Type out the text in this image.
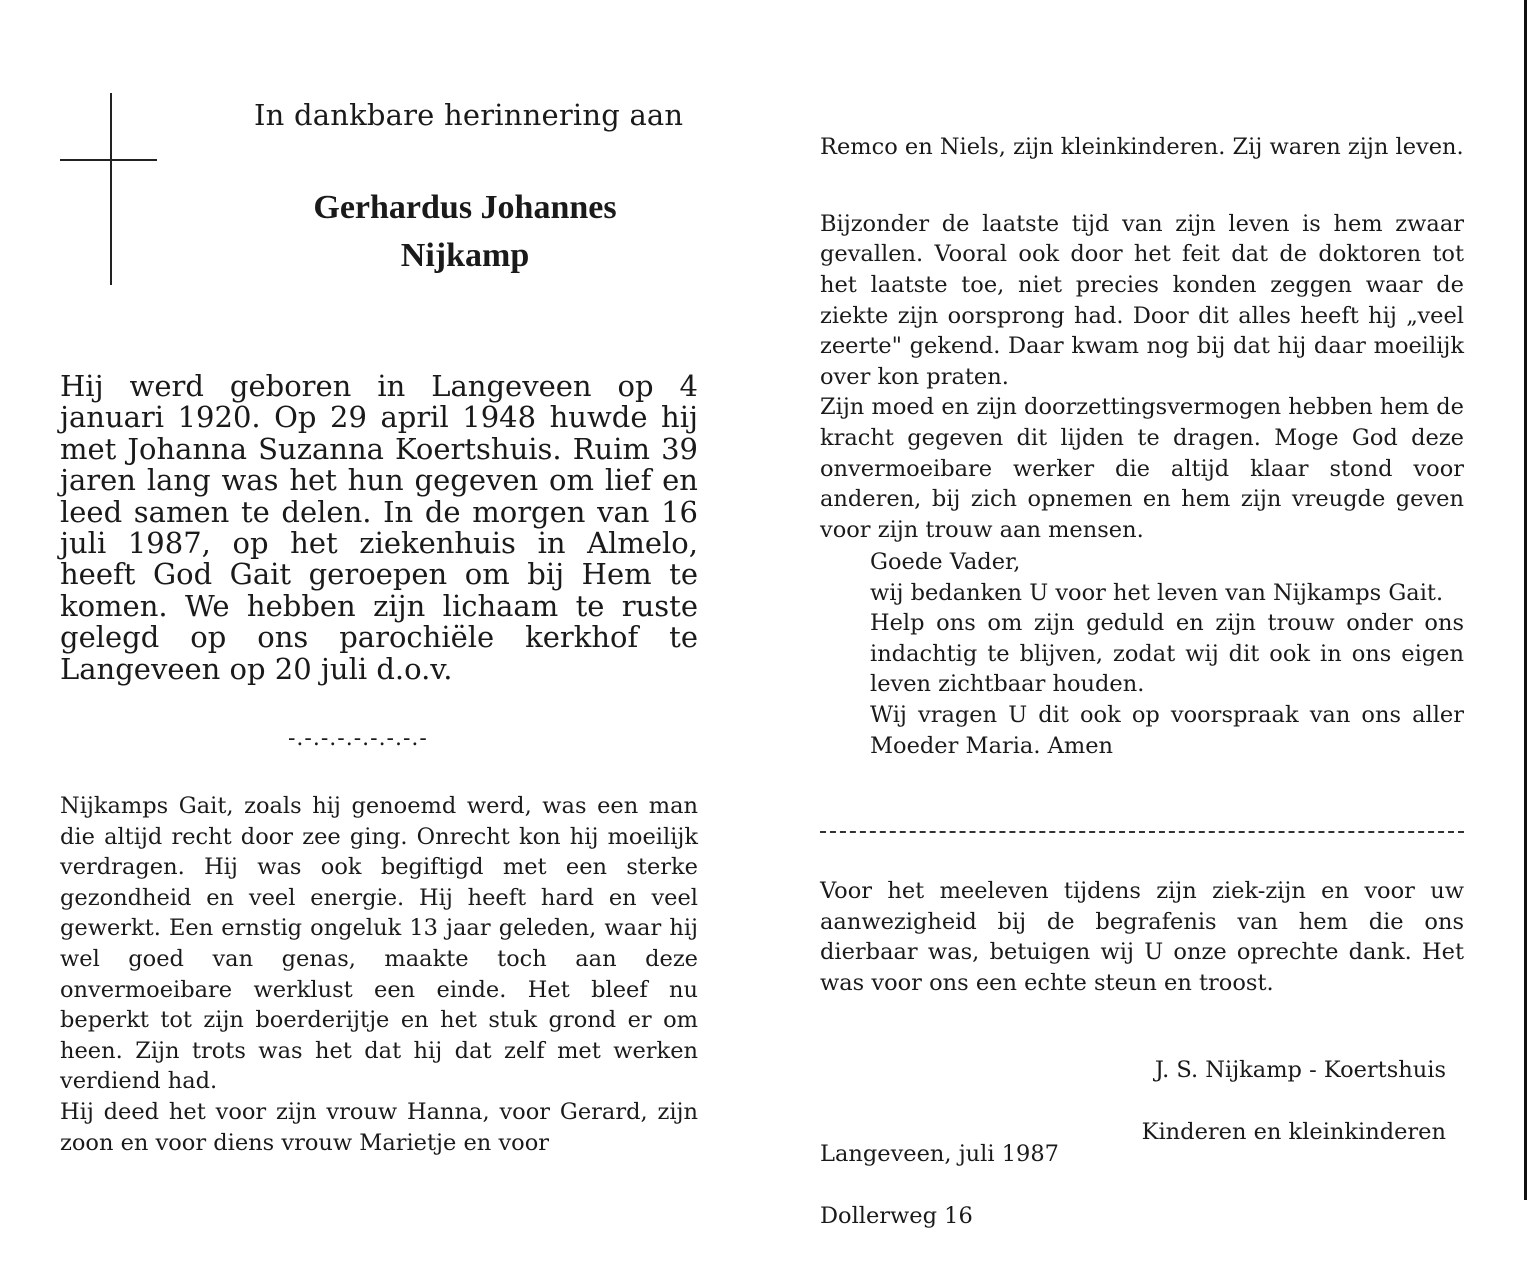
In dankbare herinnering aan

Gerhardus Johannes
Nijkamp

Hij werd geboren in Langeveen op 4 januari 1920. Op 29 april 1948 huwde hij met Johanna Suzanna Koertshuis. Ruim 39 jaren lang was het hun gegeven om lief en leed samen te delen. In de morgen van 16 juli 1987, op het ziekenhuis in Almelo, heeft God Gait geroepen om bij Hem te komen. We hebben zijn lichaam te ruste gelegd op ons parochiële kerkhof te Langeveen op 20 juli d.o.v.

-.-.-.-.-.-.-.-.-

Nijkamps Gait, zoals hij genoemd werd, was een man die altijd recht door zee ging. Onrecht kon hij moeilijk verdragen. Hij was ook begiftigd met een sterke gezondheid en veel energie. Hij heeft hard en veel gewerkt. Een ernstig ongeluk 13 jaar geleden, waar hij wel goed van genas, maakte toch aan deze onvermoeibare werklust een einde. Het bleef nu beperkt tot zijn boerderijtje en het stuk grond er om heen. Zijn trots was het dat hij dat zelf met werken verdiend had.
Hij deed het voor zijn vrouw Hanna, voor Gerard, zijn zoon en voor diens vrouw Marietje en voor

Remco en Niels, zijn kleinkinderen. Zij waren zijn leven.

Bijzonder de laatste tijd van zijn leven is hem zwaar gevallen. Vooral ook door het feit dat de doktoren tot het laatste toe, niet precies konden zeggen waar de ziekte zijn oorsprong had. Door dit alles heeft hij „veel zeerte" gekend. Daar kwam nog bij dat hij daar moeilijk over kon praten.
Zijn moed en zijn doorzettingsvermogen hebben hem de kracht gegeven dit lijden te dragen. Moge God deze onvermoeibare werker die altijd klaar stond voor anderen, bij zich opnemen en hem zijn vreugde geven voor zijn trouw aan mensen.

Goede Vader,
wij bedanken U voor het leven van Nijkamps Gait.
Help ons om zijn geduld en zijn trouw onder ons indachtig te blijven, zodat wij dit ook in ons eigen leven zichtbaar houden.
Wij vragen U dit ook op voorspraak van ons aller Moeder Maria. Amen

Voor het meeleven tijdens zijn ziek-zijn en voor uw aanwezigheid bij de begrafenis van hem die ons dierbaar was, betuigen wij U onze oprechte dank. Het was voor ons een echte steun en troost.

J. S. Nijkamp - Koertshuis

Kinderen en kleinkinderen

Langeveen, juli 1987

Dollerweg 16
